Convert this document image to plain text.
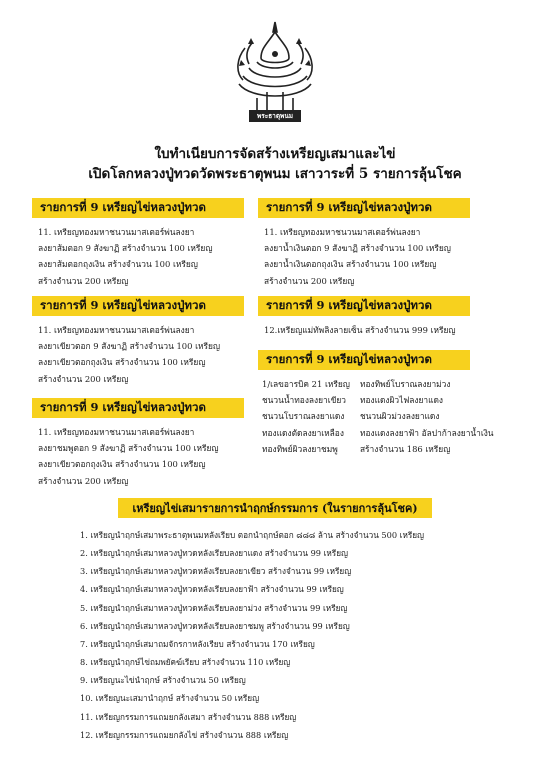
พระธาตุพนม
ใบทำเนียบการจัดสร้างเหรียญเสมาและไข่
เปิดโลกหลวงปู่ทวดวัดพระธาตุพนม เสาวาระที่ 5 รายการลุ้นโชค
รายการที่ 9 เหรียญไข่หลวงปู่ทวด
11. เหรียญทองมหาชนวนมาสเตอร์พ่นลงยา
ลงยาส้มตอก 9 สังฆาฏิ สร้างจำนวน 100 เหรียญ
ลงยาส้มตอกถุงเงิน สร้างจำนวน 100 เหรียญ
สร้างจำนวน 200 เหรียญ
รายการที่ 9 เหรียญไข่หลวงปู่ทวด
11. เหรียญทองมหาชนวนมาสเตอร์พ่นลงยา
ลงยาเขียวตอก 9 สังฆาฏิ สร้างจำนวน 100 เหรียญ
ลงยาเขียวตอกถุงเงิน สร้างจำนวน 100 เหรียญ
สร้างจำนวน 200 เหรียญ
รายการที่ 9 เหรียญไข่หลวงปู่ทวด
11. เหรียญทองมหาชนวนมาสเตอร์พ่นลงยา
ลงยาชมพูตอก 9 สังฆาฏิ สร้างจำนวน 100 เหรียญ
ลงยาเขียวตอกถุงเงิน สร้างจำนวน 100 เหรียญ
สร้างจำนวน 200 เหรียญ
รายการที่ 9 เหรียญไข่หลวงปู่ทวด
11. เหรียญทองมหาชนวนมาสเตอร์พ่นลงยา
ลงยาน้ำเงินตอก 9 สังฆาฏิ สร้างจำนวน 100 เหรียญ
ลงยาน้ำเงินตอกถุงเงิน สร้างจำนวน 100 เหรียญ
สร้างจำนวน 200 เหรียญ
รายการที่ 9 เหรียญไข่หลวงปู่ทวด
12.เหรียญแม่ทัพลิงลายเซ็น สร้างจำนวน 999 เหรียญ
รายการที่ 9 เหรียญไข่หลวงปู่ทวด
1/เลขอารบิค 21 เหรียญ
ชนวนน้ำทองลงยาเขียว
ชนวนโบราณลงยาแดง
ทองแดงตัดลงยาเหลือง
ทองทิพย์ผิวลงยาชมพู
ทองทิพย์โบราณลงยาม่วง
ทองแดงผิวไฟลงยาแดง
ชนวนผิวม่วงลงยาแดง
ทองแดงลงยาฟ้า อัลปาก้าลงยาน้ำเงิน
สร้างจำนวน 186 เหรียญ
เหรียญไข่เสมารายการนำฤกษ์กรรมการ (ในรายการลุ้นโชค)
1. เหรียญนำฤกษ์เสมาพระธาตุพนมหลังเรียบ ตอกนำฤกษ์ตอก ๘๘๘ ล้าน สร้างจำนวน 500 เหรียญ
2. เหรียญนำฤกษ์เสมาหลวงปู่ทวดหลังเรียบลงยาแดง สร้างจำนวน 99 เหรียญ
3. เหรียญนำฤกษ์เสมาหลวงปู่ทวดหลังเรียบลงยาเขียว สร้างจำนวน 99 เหรียญ
4. เหรียญนำฤกษ์เสมาหลวงปู่ทวดหลังเรียบลงยาฟ้า สร้างจำนวน 99 เหรียญ
5. เหรียญนำฤกษ์เสมาหลวงปู่ทวดหลังเรียบลงยาม่วง สร้างจำนวน 99 เหรียญ
6. เหรียญนำฤกษ์เสมาหลวงปู่ทวดหลังเรียบลงยาชมพู สร้างจำนวน 99 เหรียญ
7. เหรียญนำฤกษ์เสมาถมจักรกาหลังเรียบ สร้างจำนวน 170 เหรียญ
8. เหรียญนำฤกษ์ไข่ถมพยัคฆ์เรียบ สร้างจำนวน 110 เหรียญ
9. เหรียญนะไข่นำฤกษ์ สร้างจำนวน 50 เหรียญ
10. เหรียญนะเสมานำฤกษ์ สร้างจำนวน 50 เหรียญ
11. เหรียญกรรมการแถมยกลังเสมา สร้างจำนวน 888 เหรียญ
12. เหรียญกรรมการแถมยกลังไข่ สร้างจำนวน 888 เหรียญ
